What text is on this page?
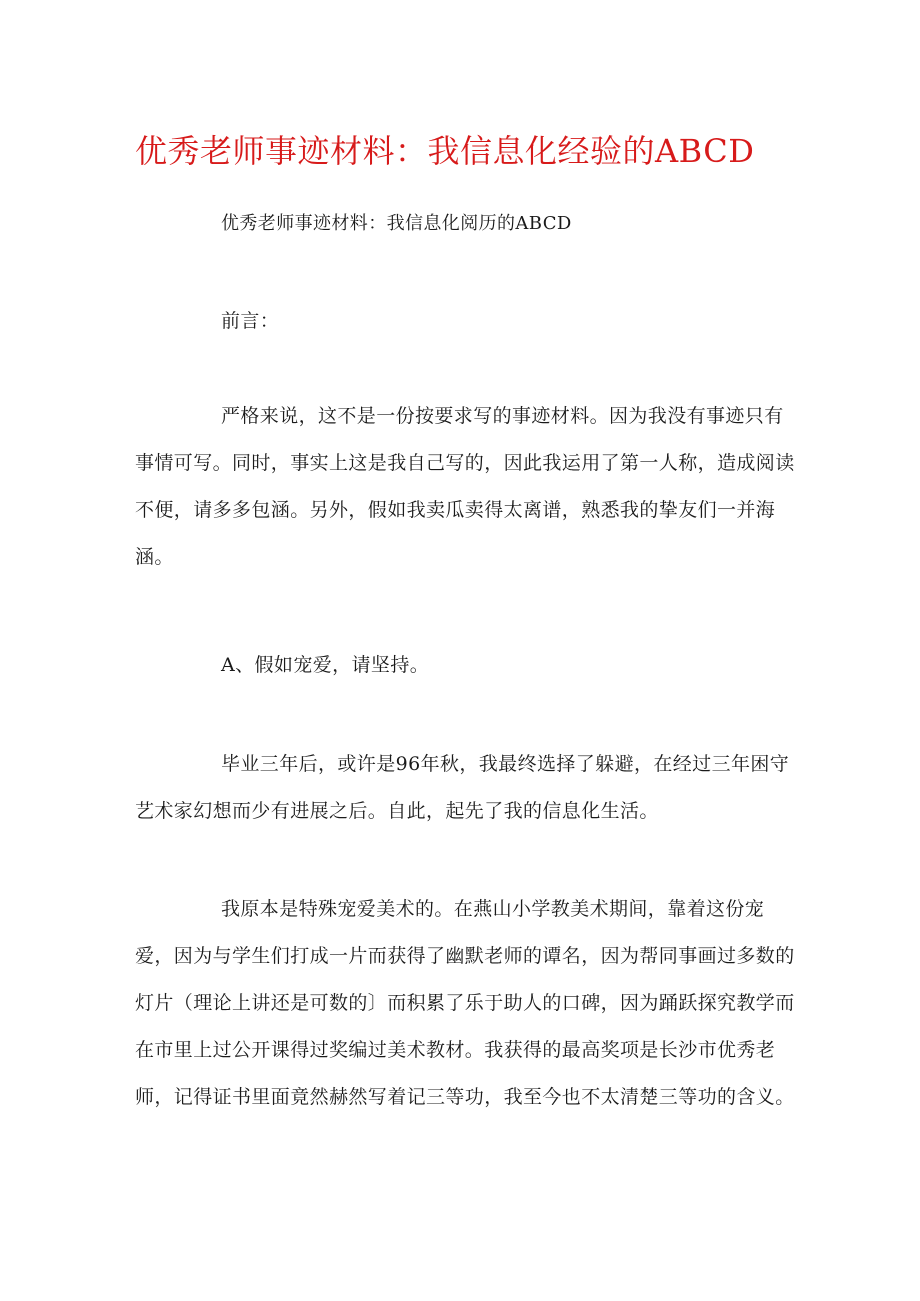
优秀老师事迹材料：我信息化经验的ABCD

优秀老师事迹材料：我信息化阅历的ABCD

前言：

严格来说，这不是一份按要求写的事迹材料。因为我没有事迹只有事情可写。同时，事实上这是我自己写的，因此我运用了第一人称，造成阅读不便，请多多包涵。另外，假如我卖瓜卖得太离谱，熟悉我的挚友们一并海涵。

A、假如宠爱，请坚持。

毕业三年后，或许是96年秋，我最终选择了躲避，在经过三年困守艺术家幻想而少有进展之后。自此，起先了我的信息化生活。

我原本是特殊宠爱美术的。在燕山小学教美术期间，靠着这份宠爱，因为与学生们打成一片而获得了幽默老师的谭名，因为帮同事画过多数的灯片（理论上讲还是可数的〕而积累了乐于助人的口碑，因为踊跃探究教学而在市里上过公开课得过奖编过美术教材。我获得的最高奖项是长沙市优秀老师，记得证书里面竟然赫然写着记三等功，我至今也不太清楚三等功的含义。
